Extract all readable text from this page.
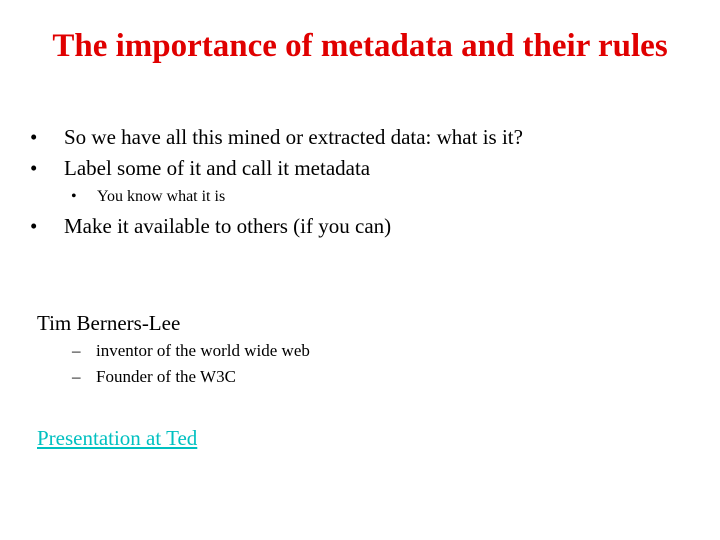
The importance of metadata and their rules
• So we have all this mined or extracted data: what is it?
• Label some of it and call it metadata
• You know what it is
• Make it available to others (if you can)
Tim Berners-Lee
– inventor of the world wide web
– Founder of the W3C
Presentation at Ted
